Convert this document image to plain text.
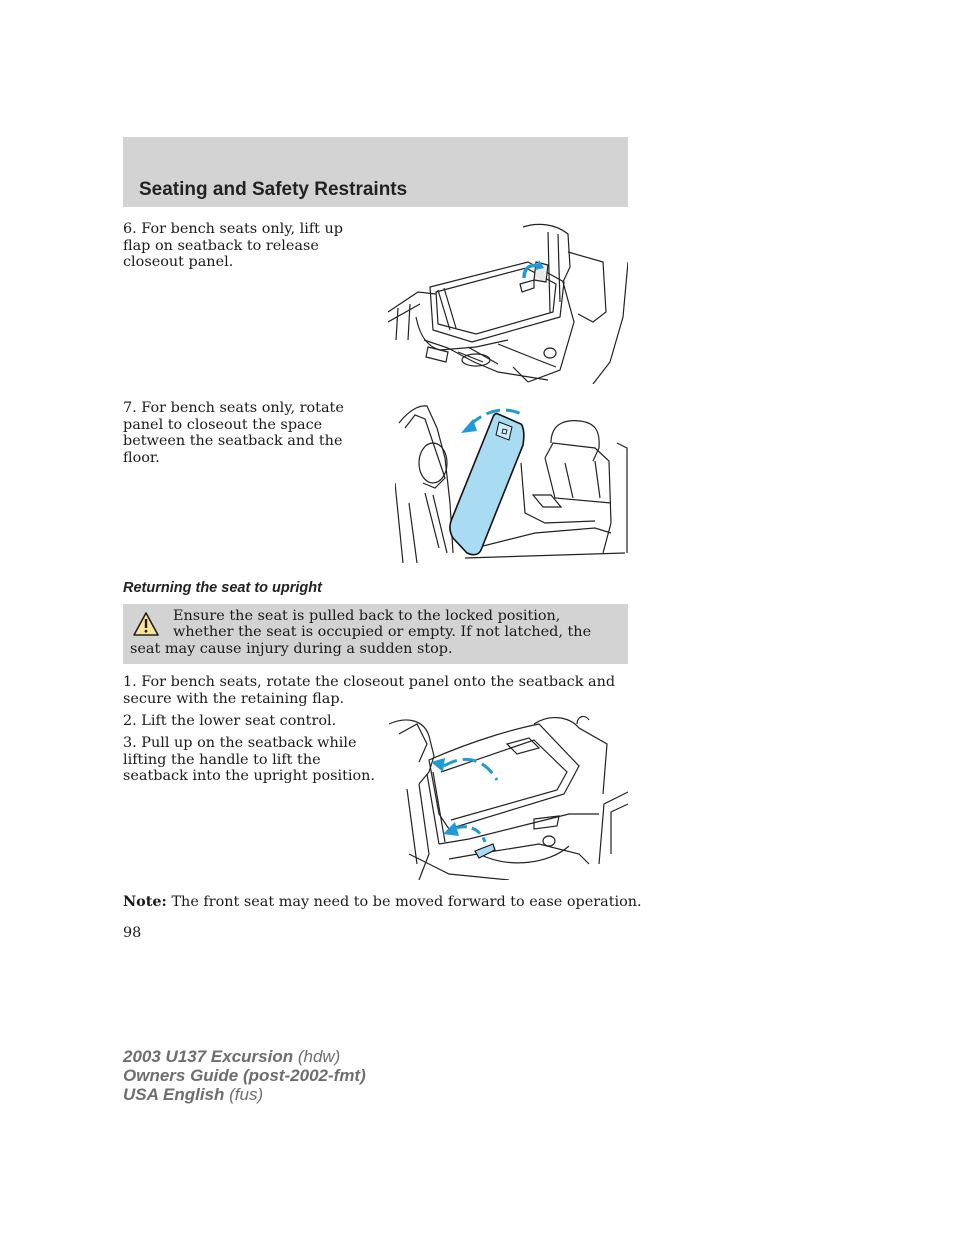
Seating and Safety Restraints

6. For bench seats only, lift up flap on seatback to release closeout panel.

7. For bench seats only, rotate panel to closeout the space between the seatback and the floor.

Returning the seat to upright

Ensure the seat is pulled back to the locked position, whether the seat is occupied or empty. If not latched, the seat may cause injury during a sudden stop.

1. For bench seats, rotate the closeout panel onto the seatback and secure with the retaining flap.

2. Lift the lower seat control.

3. Pull up on the seatback while lifting the handle to lift the seatback into the upright position.

Note: The front seat may need to be moved forward to ease operation.

98

2003 U137 Excursion (hdw)
Owners Guide (post-2002-fmt)
USA English (fus)
